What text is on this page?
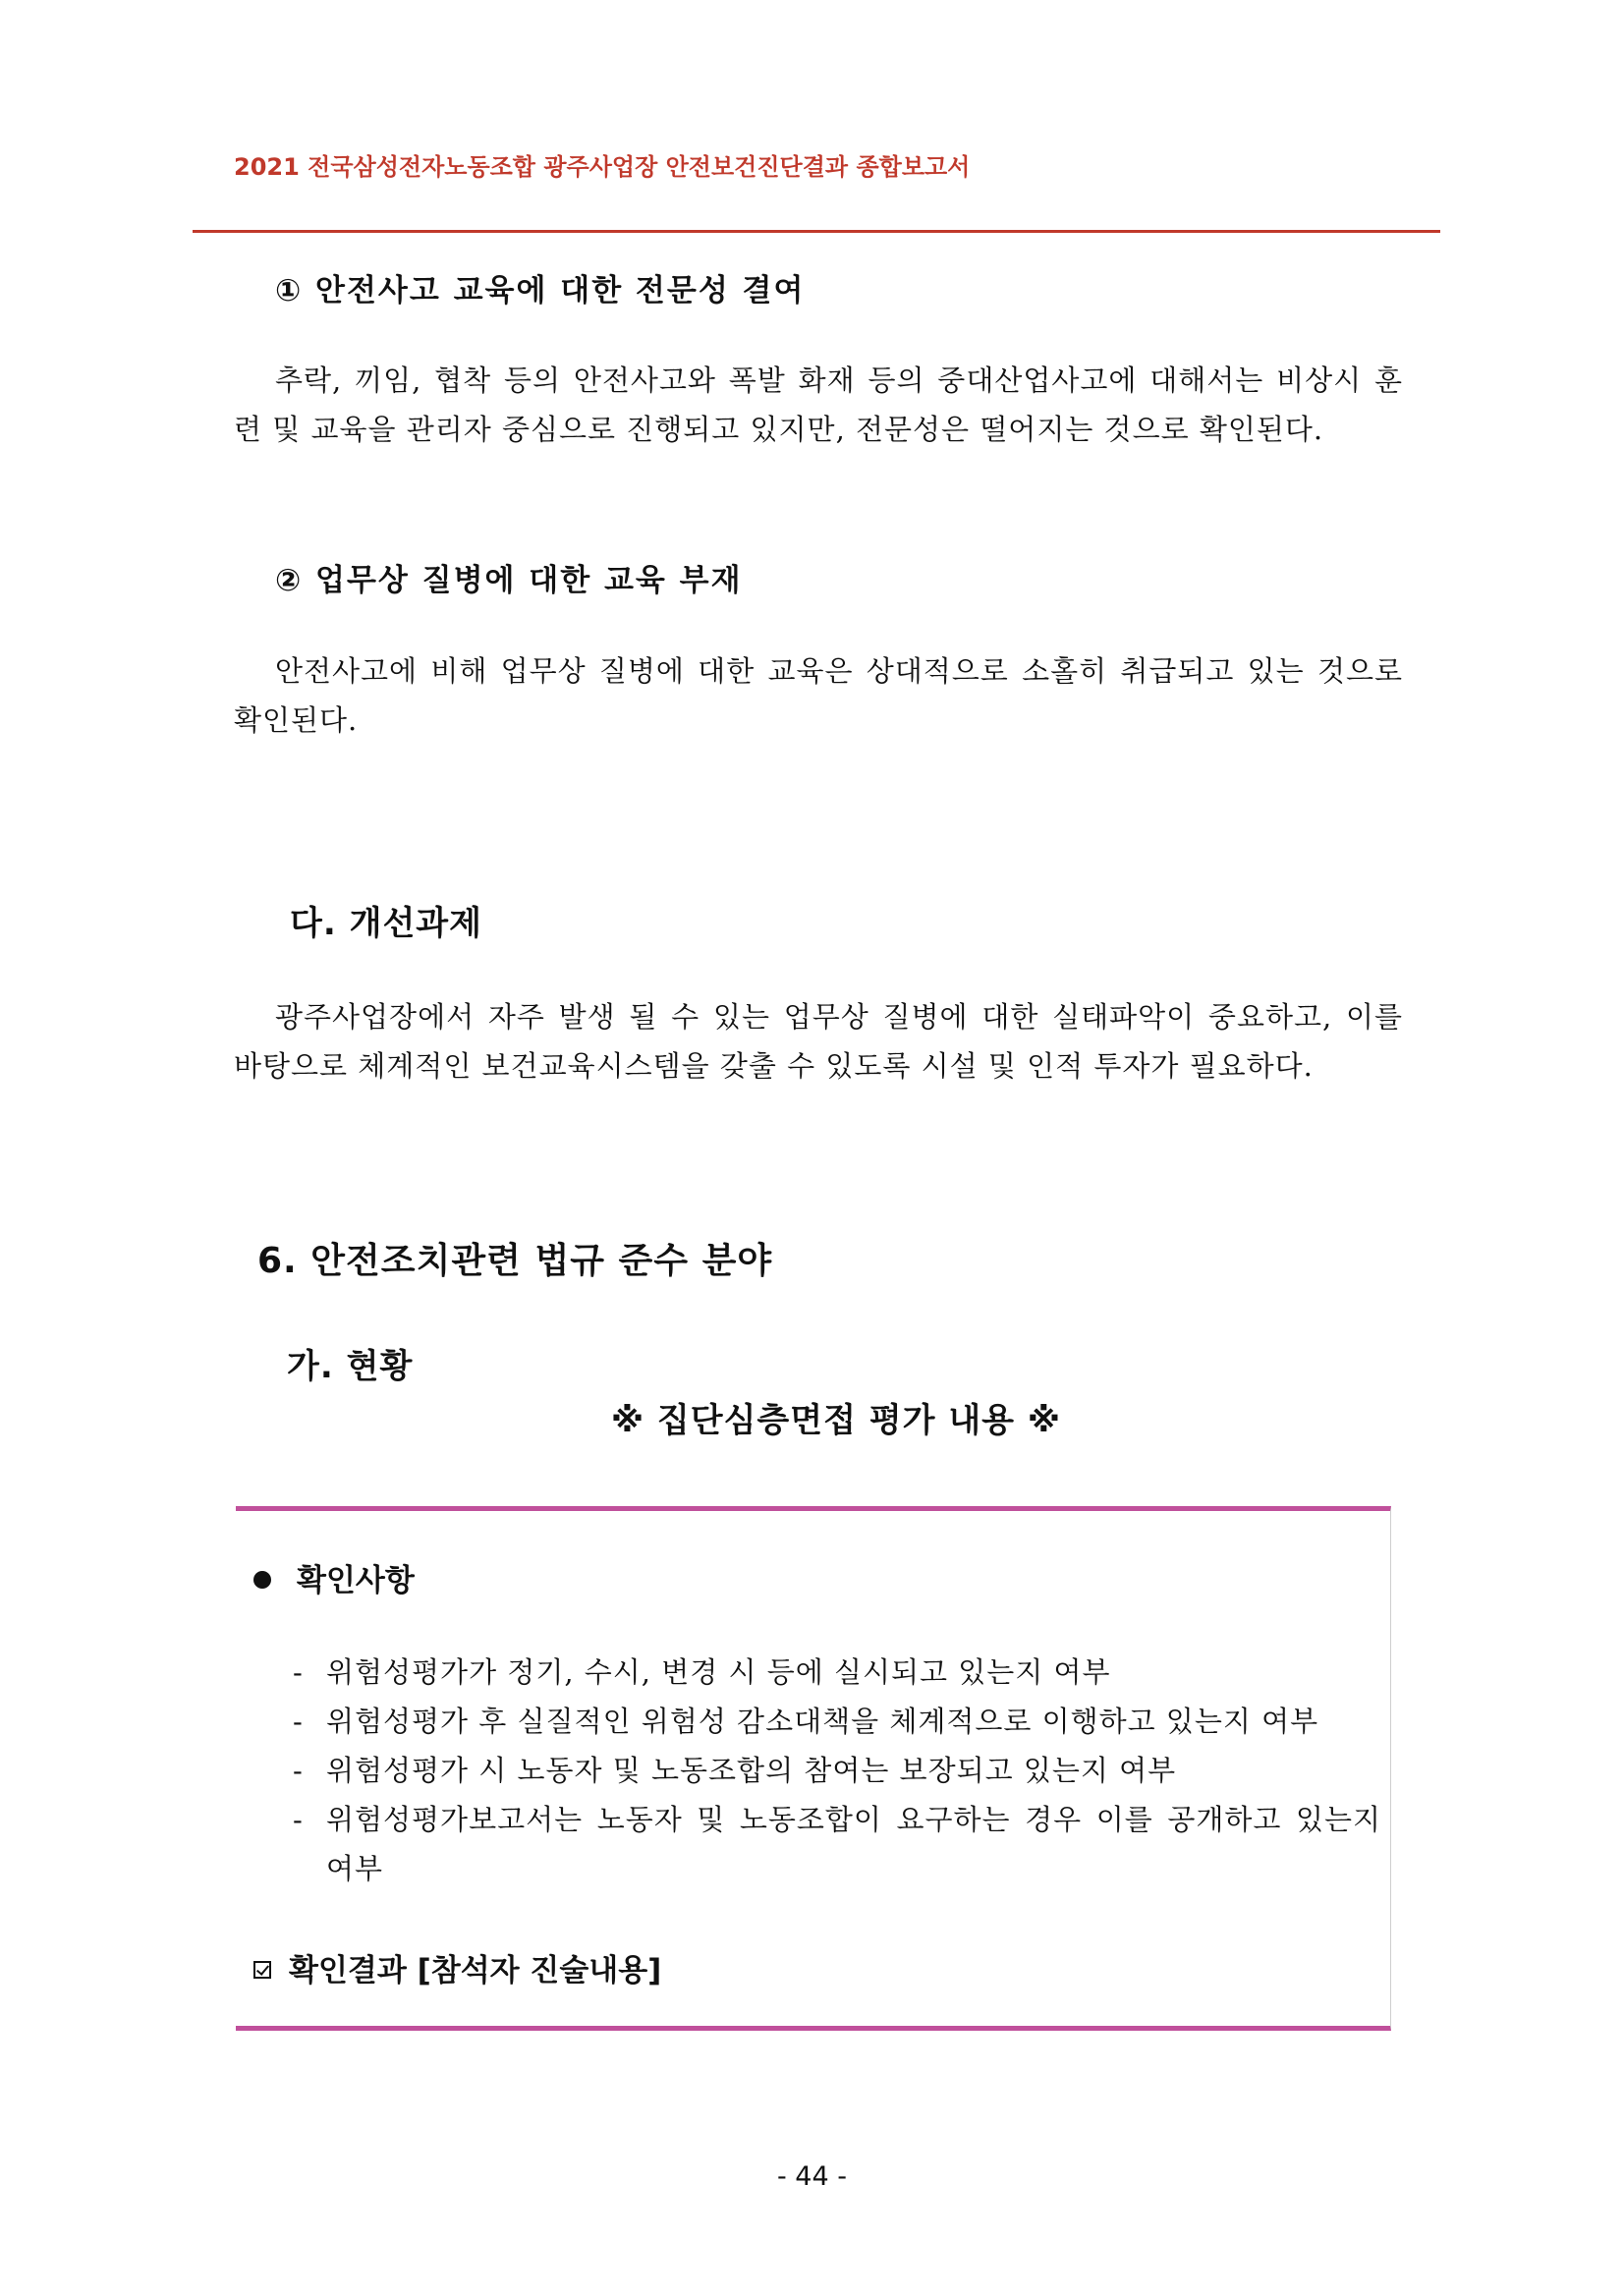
2021 전국삼성전자노동조합 광주사업장 안전보건진단결과 종합보고서
① 안전사고 교육에 대한 전문성 결여
추락, 끼임, 협착 등의 안전사고와 폭발 화재 등의 중대산업사고에 대해서는 비상시 훈련 및 교육을 관리자 중심으로 진행되고 있지만, 전문성은 떨어지는 것으로 확인된다.
② 업무상 질병에 대한 교육 부재
안전사고에 비해 업무상 질병에 대한 교육은 상대적으로 소홀히 취급되고 있는 것으로 확인된다.
다. 개선과제
광주사업장에서 자주 발생 될 수 있는 업무상 질병에 대한 실태파악이 중요하고, 이를 바탕으로 체계적인 보건교육시스템을 갖출 수 있도록 시설 및 인적 투자가 필요하다.
6. 안전조치관련 법규 준수 분야
가. 현황
※ 집단심층면접 평가 내용 ※
확인사항
- 위험성평가가 정기, 수시, 변경 시 등에 실시되고 있는지 여부
- 위험성평가 후 실질적인 위험성 감소대책을 체계적으로 이행하고 있는지 여부
- 위험성평가 시 노동자 및 노동조합의 참여는 보장되고 있는지 여부
- 위험성평가보고서는 노동자 및 노동조합이 요구하는 경우 이를 공개하고 있는지 여부
확인결과 [참석자 진술내용]
- 44 -
